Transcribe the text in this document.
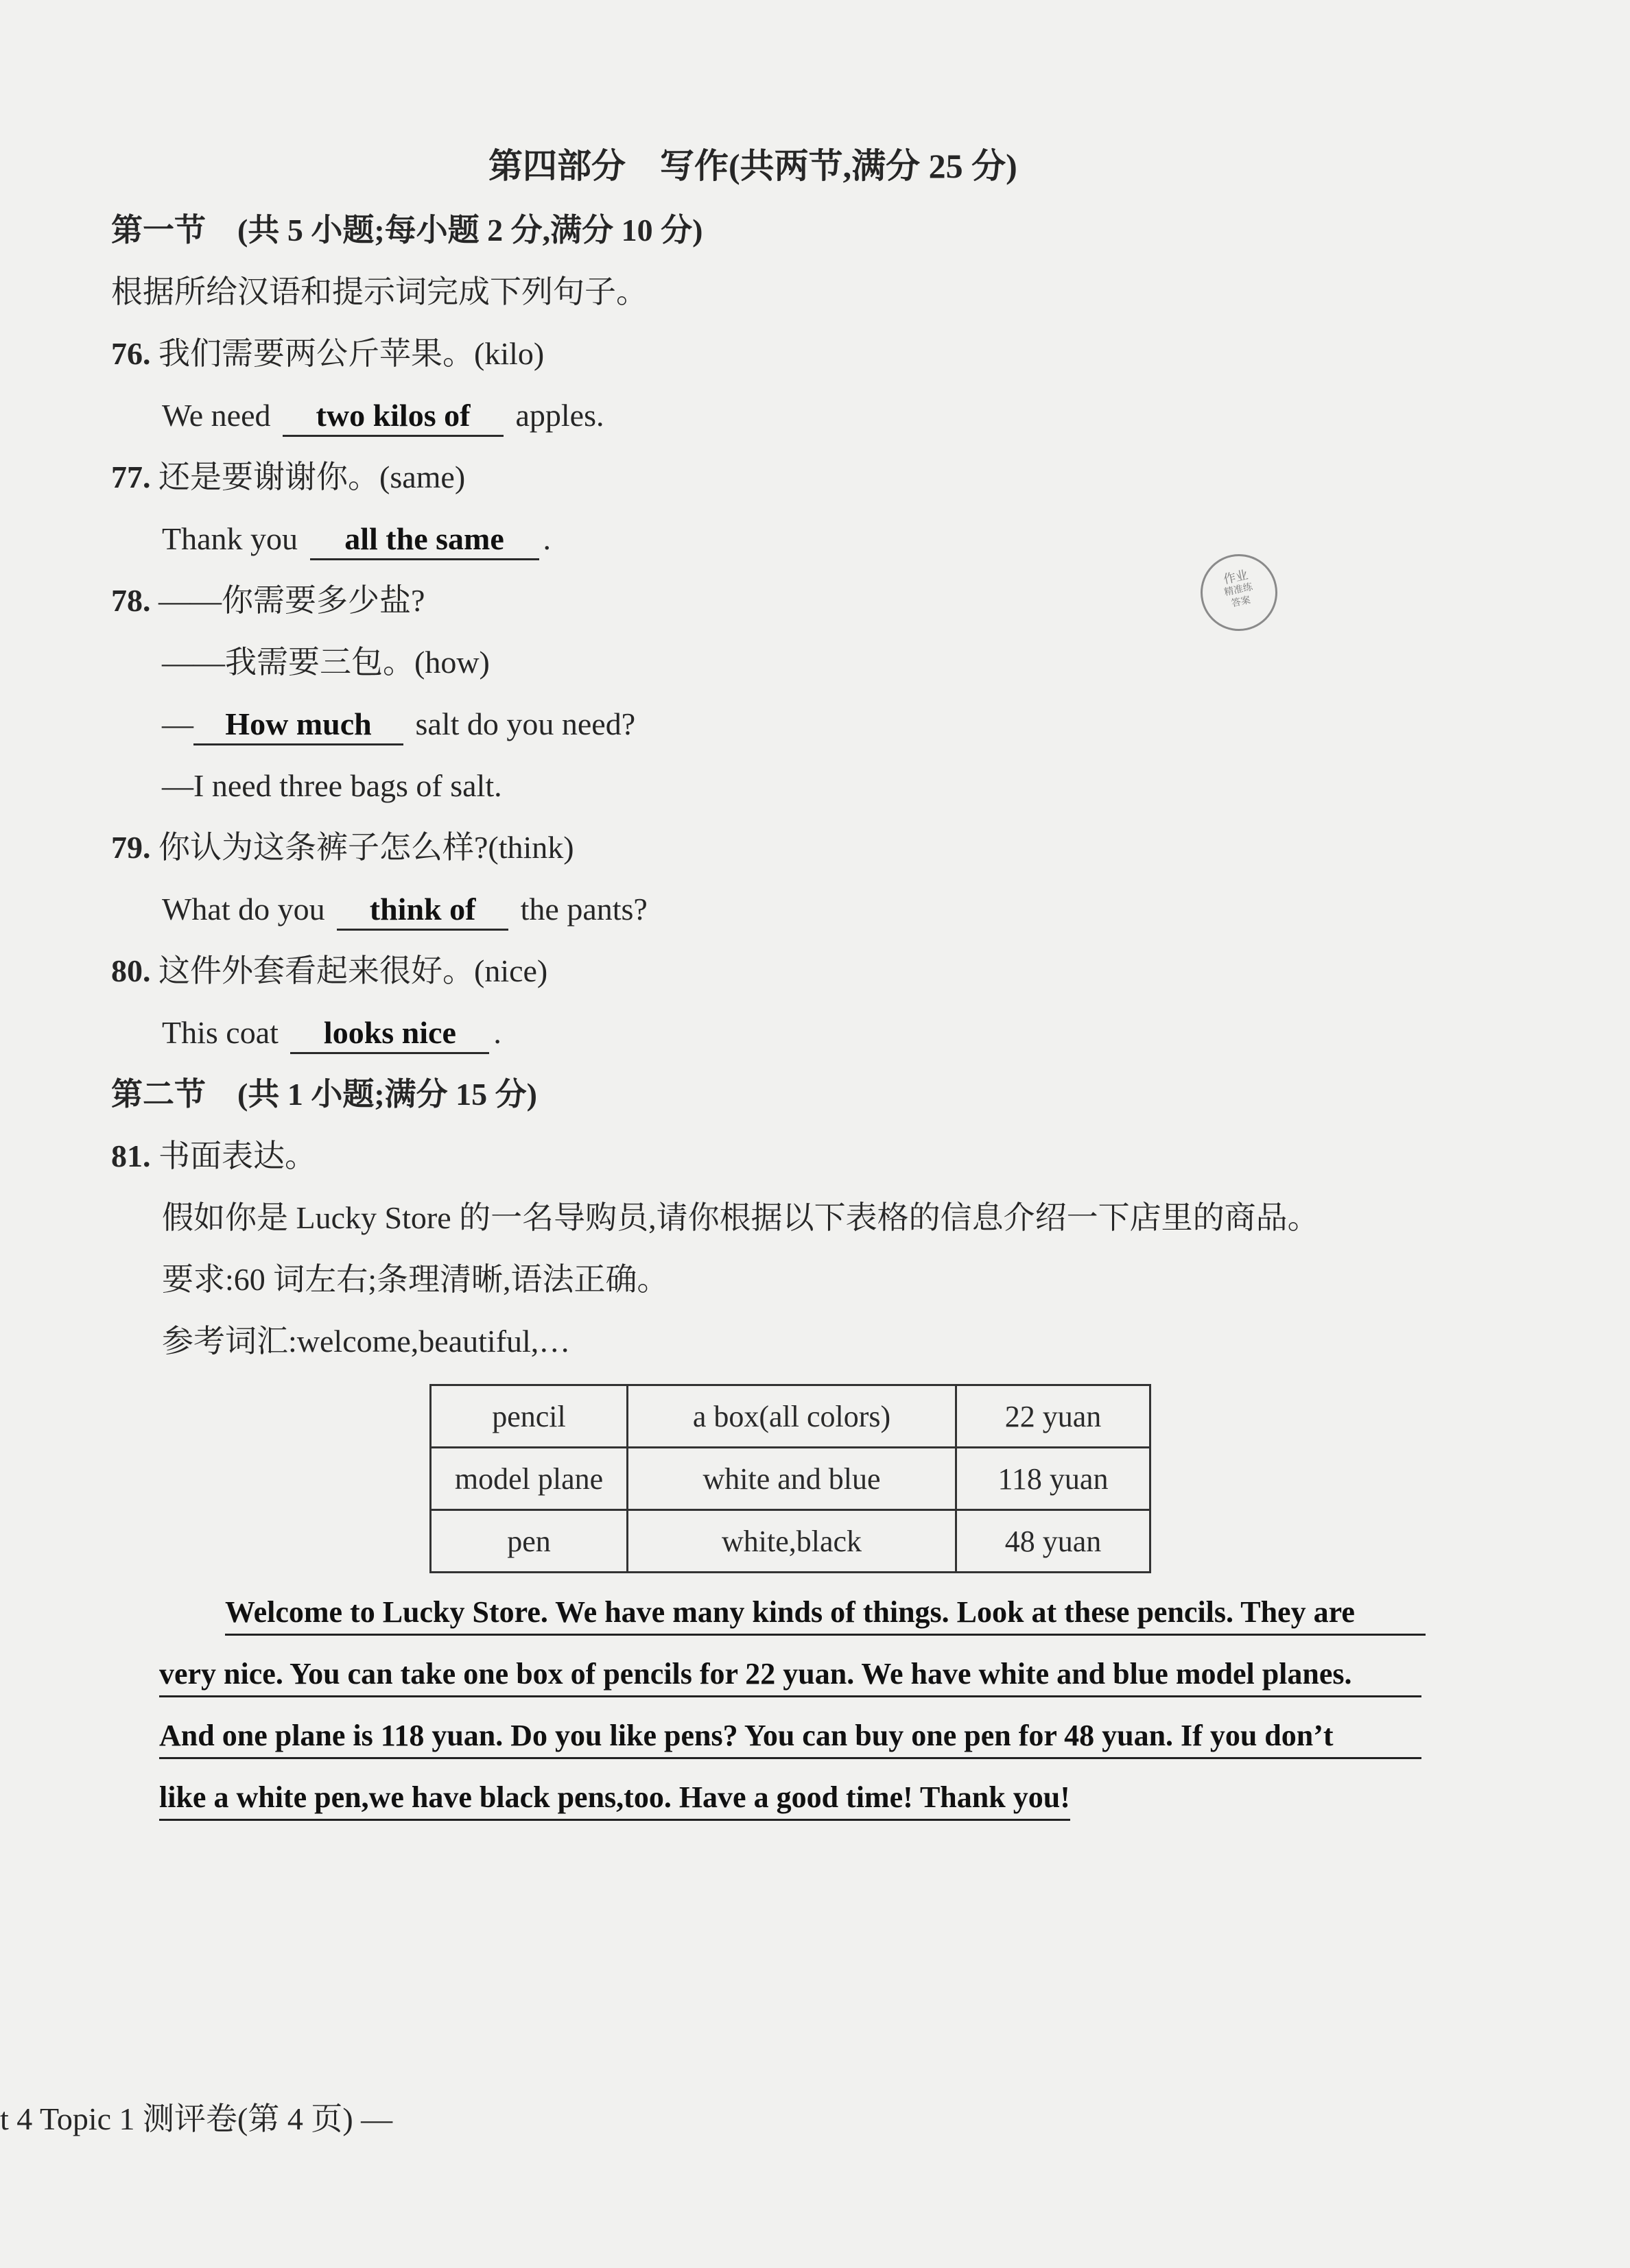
第四部分　写作(共两节,满分 25 分)
第一节　(共 5 小题;每小题 2 分,满分 10 分)
根据所给汉语和提示词完成下列句子。
76. 我们需要两公斤苹果。(kilo)
We need two kilos of apples.
77. 还是要谢谢你。(same)
Thank you all the same .
78. ——你需要多少盐?
——我需要三包。(how)
— How much salt do you need?
—I need three bags of salt.
79. 你认为这条裤子怎么样?(think)
What do you think of the pants?
80. 这件外套看起来很好。(nice)
This coat looks nice .
第二节　(共 1 小题;满分 15 分)
81. 书面表达。
假如你是 Lucky Store 的一名导购员,请你根据以下表格的信息介绍一下店里的商品。
要求:60 词左右;条理清晰,语法正确。
参考词汇:welcome,beautiful,…
pencil	a box(all colors)	22 yuan
model plane	white and blue	118 yuan
pen	white,black	48 yuan
Welcome to Lucky Store. We have many kinds of things. Look at these pencils. They are
very nice. You can take one box of pencils for 22 yuan. We have white and blue model planes.
And one plane is 118 yuan. Do you like pens? You can buy one pen for 48 yuan. If you don’t
like a white pen,we have black pens,too. Have a good time! Thank you!
作业
精准练
答案
t 4 Topic 1 测评卷(第 4 页) —
